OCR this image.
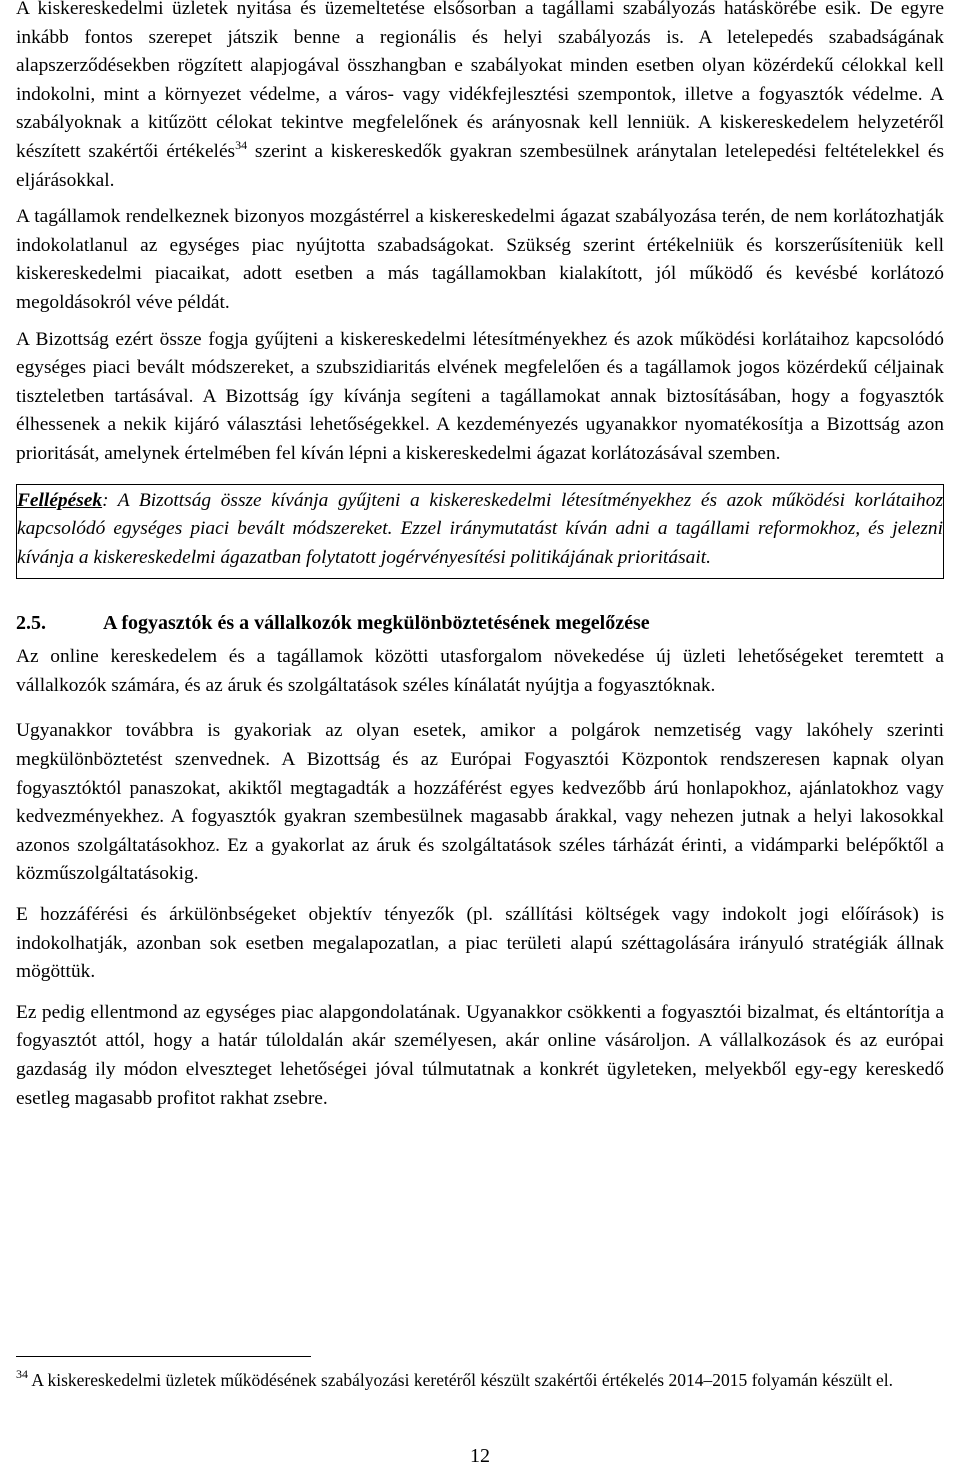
A kiskereskedelmi üzletek nyitása és üzemeltetése elsősorban a tagállami szabályozás hatáskörébe esik. De egyre inkább fontos szerepet játszik benne a regionális és helyi szabályozás is. A letelepedés szabadságának alapszerződésekben rögzített alapjogával összhangban e szabályokat minden esetben olyan közérdekű célokkal kell indokolni, mint a környezet védelme, a város- vagy vidékfejlesztési szempontok, illetve a fogyasztók védelme. A szabályoknak a kitűzött célokat tekintve megfelelőnek és arányosnak kell lenniük. A kiskereskedelem helyzetéről készített szakértői értékelés$^{34}$ szerint a kiskereskedők gyakran szembesülnek aránytalan letelepedési feltételekkel és eljárásokkal.

A tagállamok rendelkeznek bizonyos mozgástérrel a kiskereskedelmi ágazat szabályozása terén, de nem korlátozhatják indokolatlanul az egységes piac nyújtotta szabadságokat. Szükség szerint értékelniük és korszerűsíteniük kell kiskereskedelmi piacaikat, adott esetben a más tagállamokban kialakított, jól működő és kevésbé korlátozó megoldásokról véve példát.

A Bizottság ezért össze fogja gyűjteni a kiskereskedelmi létesítményekhez és azok működési korlátaihoz kapcsolódó egységes piaci bevált módszereket, a szubszidiaritás elvének megfelelően és a tagállamok jogos közérdekű céljainak tiszteletben tartásával. A Bizottság így kívánja segíteni a tagállamokat annak biztosításában, hogy a fogyasztók élhessenek a nekik kijáró választási lehetőségekkel. A kezdeményezés ugyanakkor nyomatékosítja a Bizottság azon prioritását, amelynek értelmében fel kíván lépni a kiskereskedelmi ágazat korlátozásával szemben.

Fellépések: A Bizottság össze kívánja gyűjteni a kiskereskedelmi létesítményekhez és azok működési korlátaihoz kapcsolódó egységes piaci bevált módszereket. Ezzel iránymutatást kíván adni a tagállami reformokhoz, és jelezni kívánja a kiskereskedelmi ágazatban folytatott jogérvényesítési politikájának prioritásait.

2.5.	A fogyasztók és a vállalkozók megkülönböztetésének megelőzése

Az online kereskedelem és a tagállamok közötti utasforgalom növekedése új üzleti lehetőségeket teremtett a vállalkozók számára, és az áruk és szolgáltatások széles kínálatát nyújtja a fogyasztóknak.

Ugyanakkor továbbra is gyakoriak az olyan esetek, amikor a polgárok nemzetiség vagy lakóhely szerinti megkülönböztetést szenvednek. A Bizottság és az Európai Fogyasztói Központok rendszeresen kapnak olyan fogyasztóktól panaszokat, akiktől megtagadták a hozzáférést egyes kedvezőbb árú honlapokhoz, ajánlatokhoz vagy kedvezményekhez. A fogyasztók gyakran szembesülnek magasabb árakkal, vagy nehezen jutnak a helyi lakosokkal azonos szolgáltatásokhoz. Ez a gyakorlat az áruk és szolgáltatások széles tárházát érinti, a vidámparki belépőktől a közműszolgáltatásokig.

E hozzáférési és árkülönbségeket objektív tényezők (pl. szállítási költségek vagy indokolt jogi előírások) is indokolhatják, azonban sok esetben megalapozatlan, a piac területi alapú széttagolására irányuló stratégiák állnak mögöttük.

Ez pedig ellentmond az egységes piac alapgondolatának. Ugyanakkor csökkenti a fogyasztói bizalmat, és eltántorítja a fogyasztót attól, hogy a határ túloldalán akár személyesen, akár online vásároljon. A vállalkozások és az európai gazdaság ily módon elveszteget lehetőségei jóval túlmutatnak a konkrét ügyleteken, melyekből egy-egy kereskedő esetleg magasabb profitot rakhat zsebre.

$^{34}$ A kiskereskedelmi üzletek működésének szabályozási keretéről készült szakértői értékelés 2014–2015 folyamán készült el.
12
